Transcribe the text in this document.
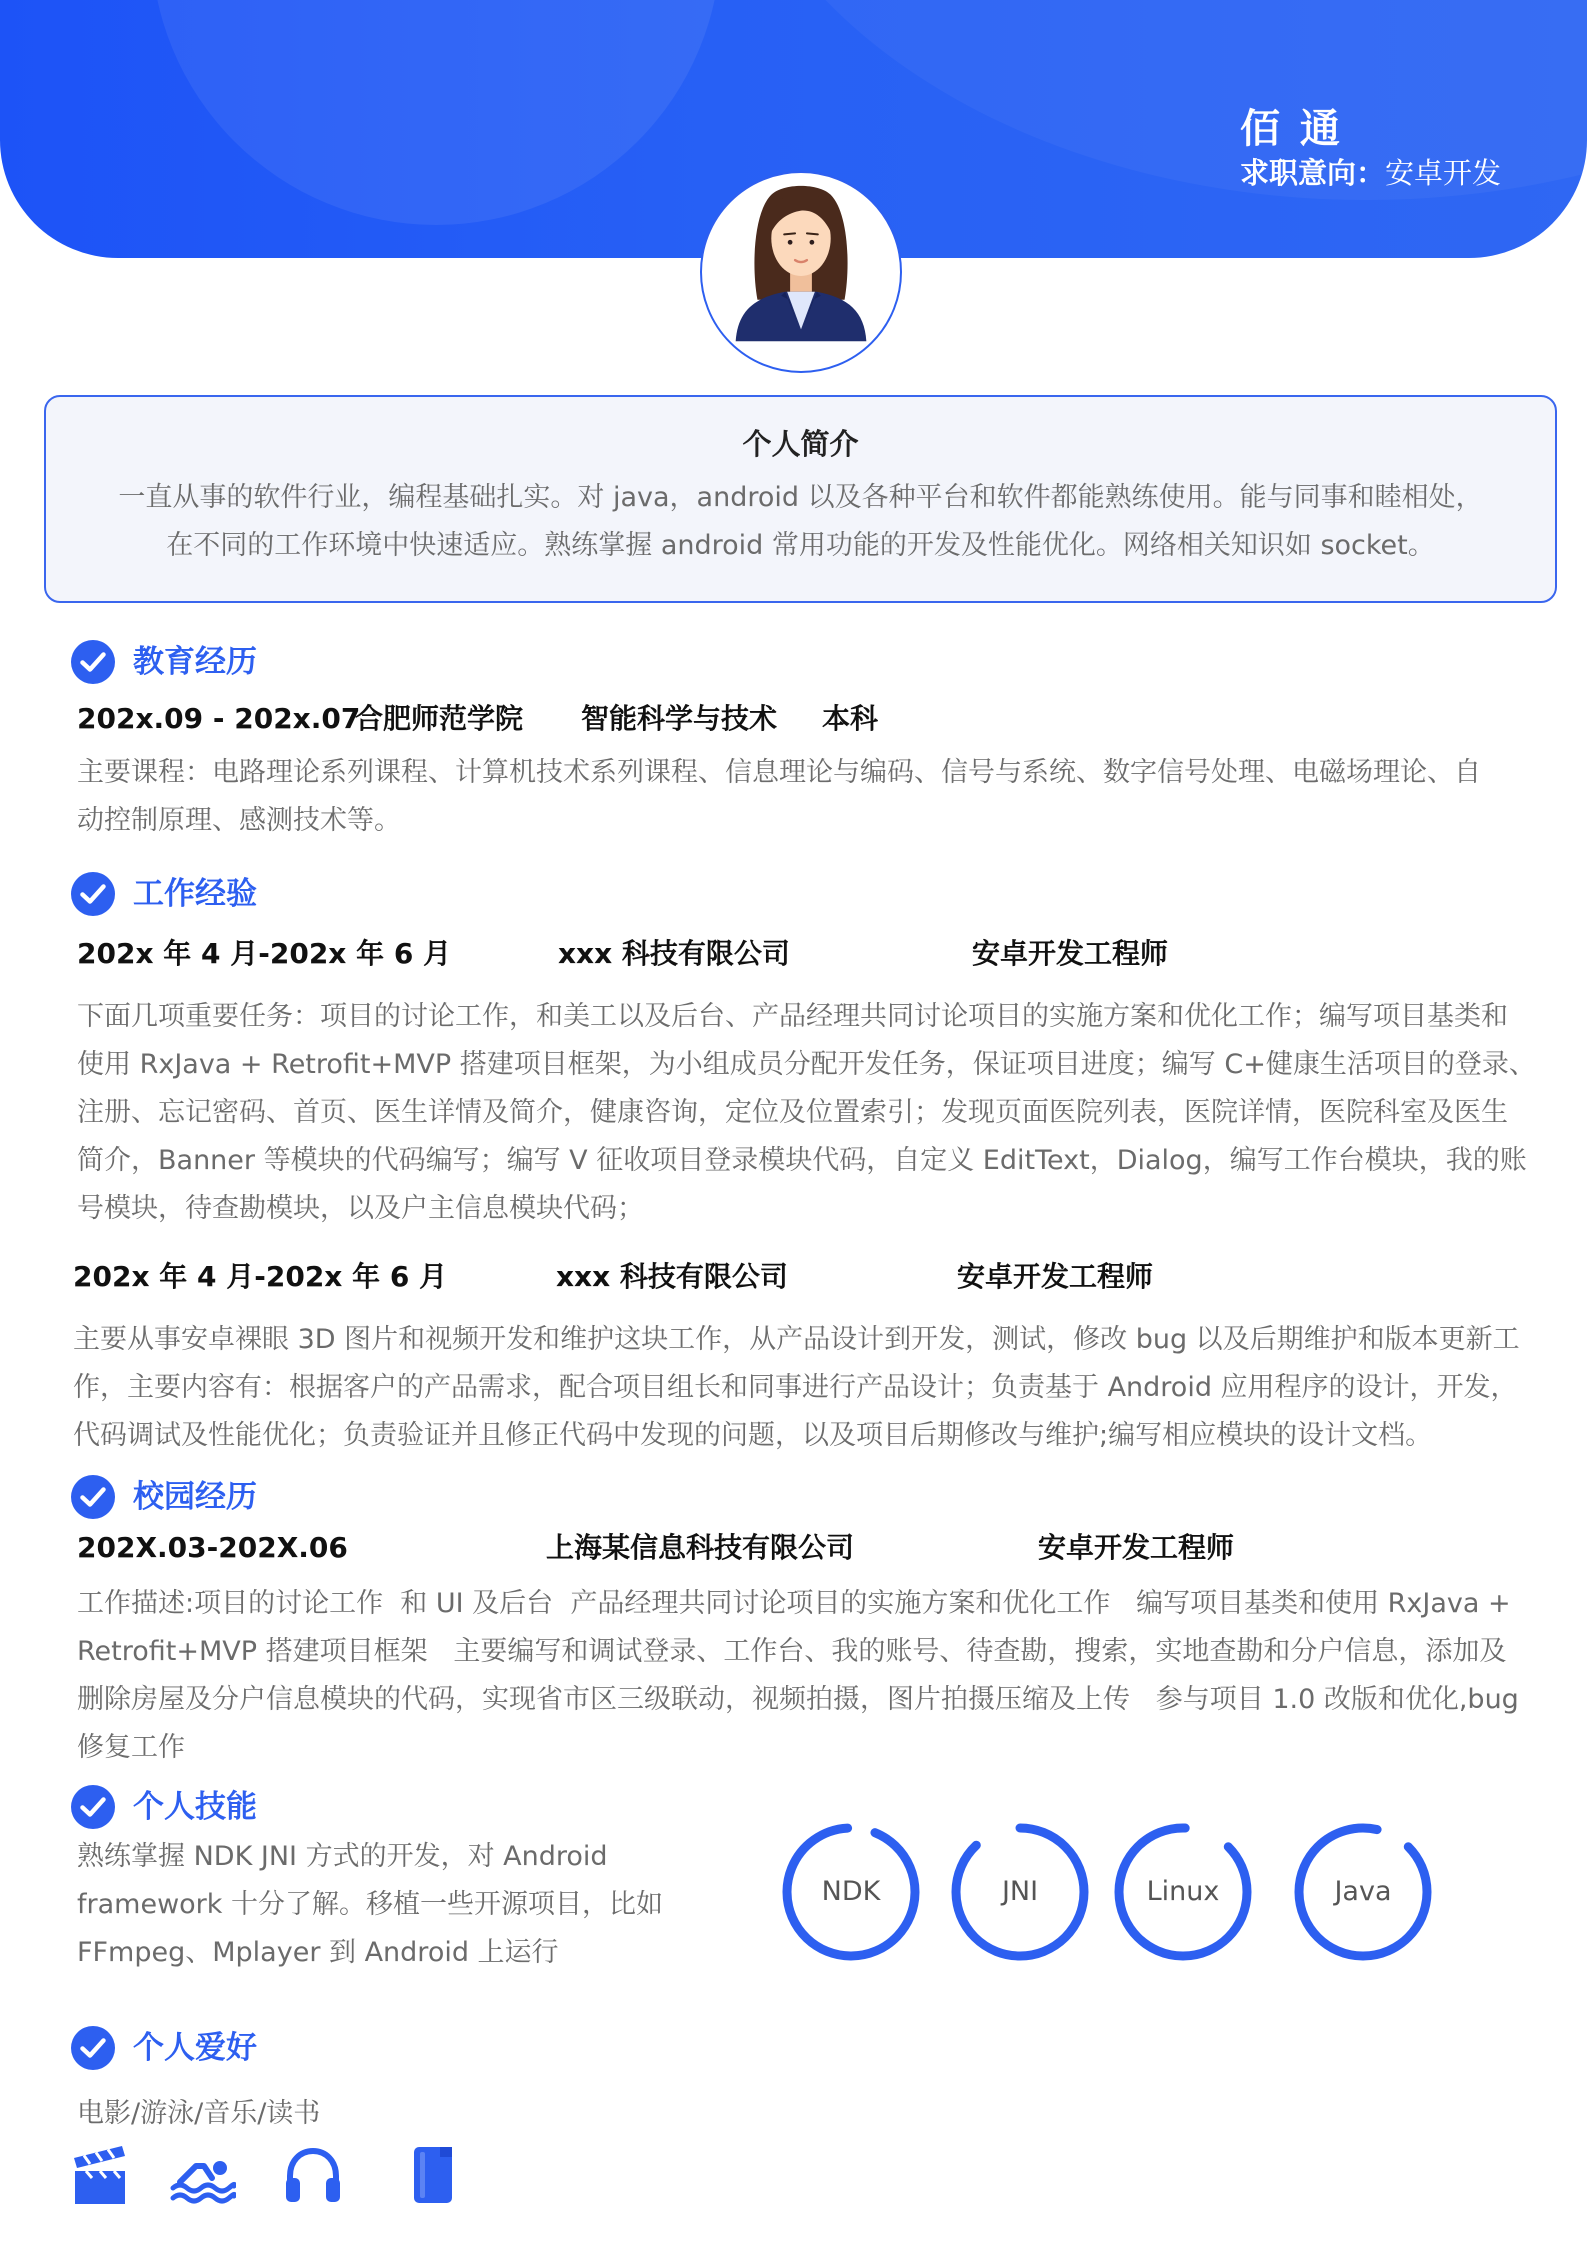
佰 通
求职意向：安卓开发
个人简介
一直从事的软件行业，编程基础扎实。对 java，android 以及各种平台和软件都能熟练使用。能与同事和睦相处，
在不同的工作环境中快速适应。熟练掌握 android 常用功能的开发及性能优化。网络相关知识如 socket。
教育经历
202x.09 - 202x.07
合肥师范学院 智能科学与技术 本科
主要课程：电路理论系列课程、计算机技术系列课程、信息理论与编码、信号与系统、数字信号处理、电磁场理论、自
动控制原理、感测技术等。
工作经验
202x 年 4 月-202x 年 6 月	xxx 科技有限公司	安卓开发工程师
下面几项重要任务：项目的讨论工作，和美工以及后台、产品经理共同讨论项目的实施方案和优化工作；编写项目基类和
使用 RxJava + Retrofit+MVP 搭建项目框架，为小组成员分配开发任务，保证项目进度；编写 C+健康生活项目的登录、
注册、忘记密码、首页、医生详情及简介，健康咨询，定位及位置索引；发现页面医院列表，医院详情，医院科室及医生
简介，Banner 等模块的代码编写；编写 V 征收项目登录模块代码，自定义 EditText，Dialog，编写工作台模块，我的账
号模块，待查勘模块，以及户主信息模块代码；
202x 年 4 月-202x 年 6 月	xxx 科技有限公司	安卓开发工程师
主要从事安卓裸眼 3D 图片和视频开发和维护这块工作，从产品设计到开发，测试，修改 bug 以及后期维护和版本更新工
作，主要内容有：根据客户的产品需求，配合项目组长和同事进行产品设计；负责基于 Android 应用程序的设计，开发，
代码调试及性能优化；负责验证并且修正代码中发现的问题，以及项目后期修改与维护;编写相应模块的设计文档。
校园经历
202X.03-202X.06	上海某信息科技有限公司	安卓开发工程师
工作描述:项目的讨论工作  和 UI 及后台  产品经理共同讨论项目的实施方案和优化工作   编写项目基类和使用 RxJava +
Retrofit+MVP 搭建项目框架   主要编写和调试登录、工作台、我的账号、待查勘，搜索，实地查勘和分户信息，添加及
删除房屋及分户信息模块的代码，实现省市区三级联动，视频拍摄，图片拍摄压缩及上传   参与项目 1.0 改版和优化,bug
修复工作
个人技能
熟练掌握 NDK JNI 方式的开发，对 Android
framework 十分了解。移植一些开源项目，比如
FFmpeg、Mplayer 到 Android 上运行
NDK	JNI	Linux	Java
个人爱好
电影/游泳/音乐/读书
